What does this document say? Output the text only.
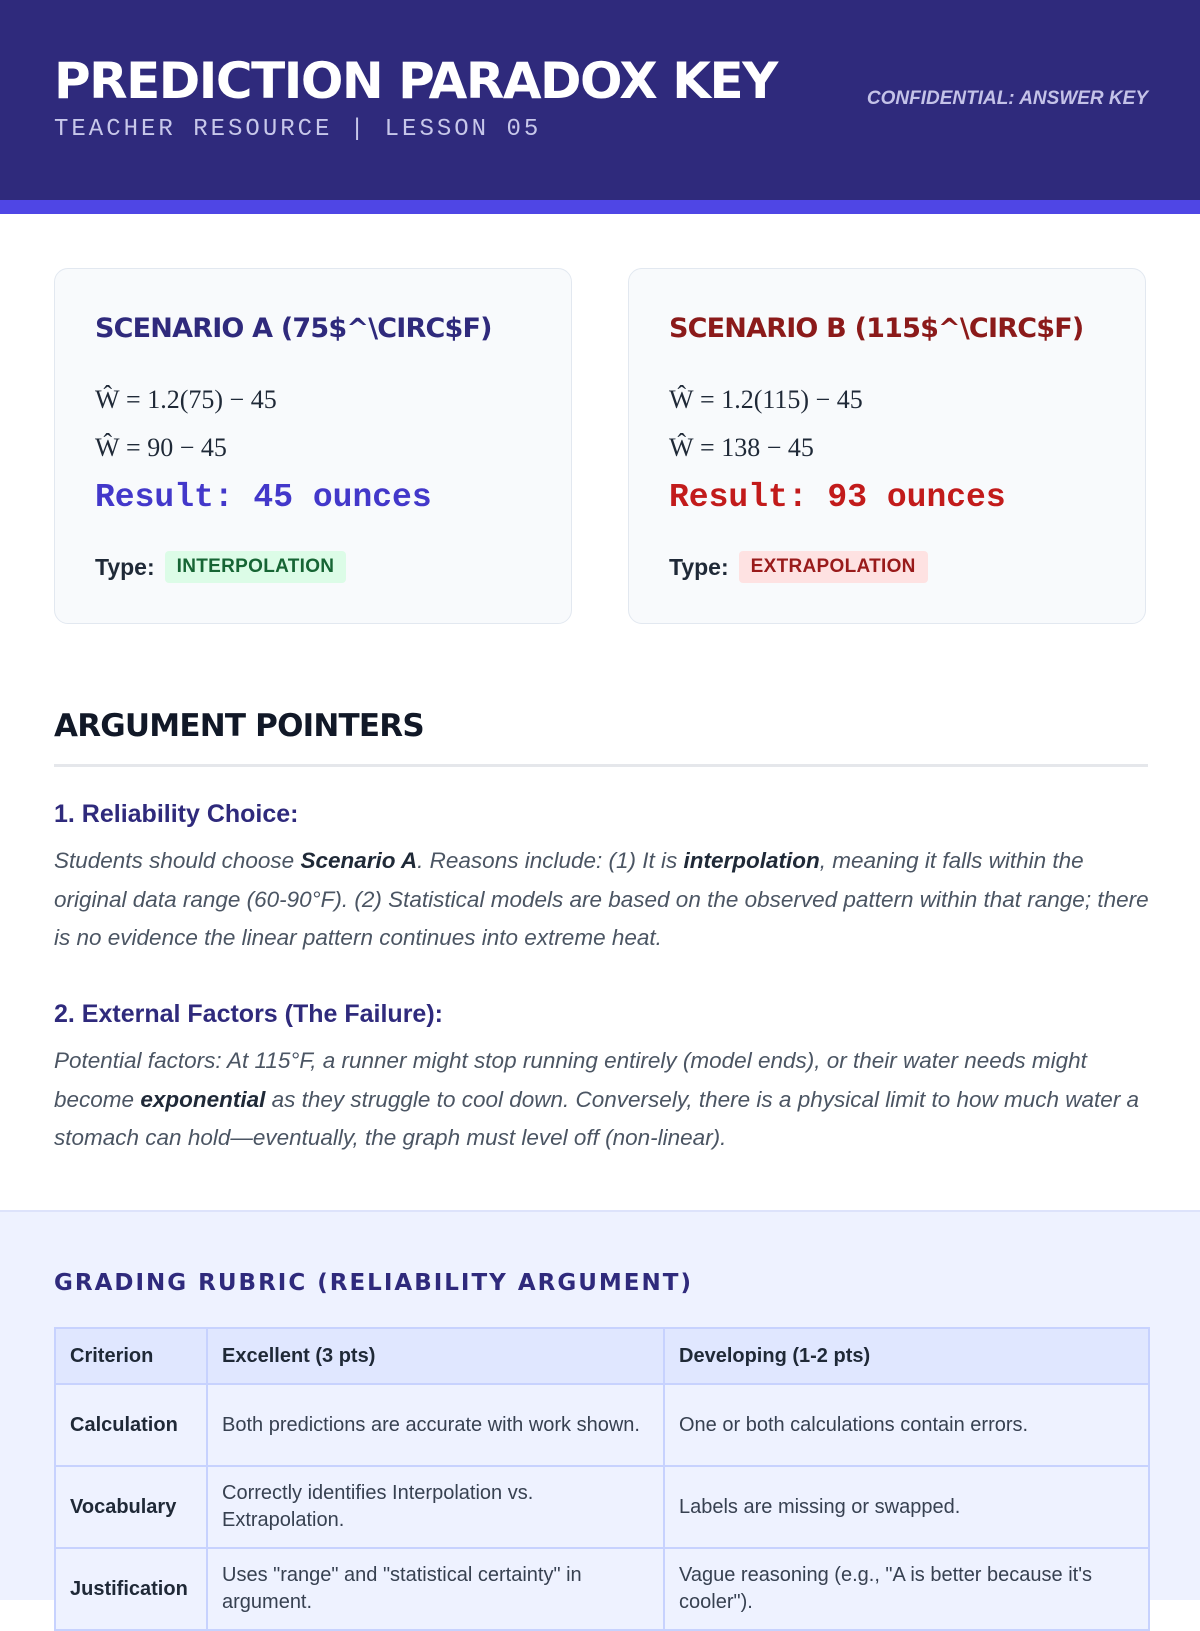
PREDICTION PARADOX KEY
TEACHER RESOURCE | LESSON 05
CONFIDENTIAL: ANSWER KEY
SCENARIO A (75$^\CIRC$F)
Ŵ = 1.2(75) − 45
Ŵ = 90 − 45
Result: 45 ounces
Type:	INTERPOLATION
SCENARIO B (115$^\CIRC$F)
Ŵ = 1.2(115) − 45
Ŵ = 138 − 45
Result: 93 ounces
Type:	EXTRAPOLATION
ARGUMENT POINTERS
1. Reliability Choice:
Students should choose Scenario A. Reasons include: (1) It is interpolation, meaning it falls within the original data range (60-90°F). (2) Statistical models are based on the observed pattern within that range; there is no evidence the linear pattern continues into extreme heat.
2. External Factors (The Failure):
Potential factors: At 115°F, a runner might stop running entirely (model ends), or their water needs might become exponential as they struggle to cool down. Conversely, there is a physical limit to how much water a stomach can hold—eventually, the graph must level off (non-linear).
GRADING RUBRIC (RELIABILITY ARGUMENT)
Criterion	Excellent (3 pts)	Developing (1-2 pts)
Calculation	Both predictions are accurate with work shown.	One or both calculations contain errors.
Vocabulary	Correctly identifies Interpolation vs. Extrapolation.	Labels are missing or swapped.
Justification	Uses "range" and "statistical certainty" in argument.	Vague reasoning (e.g., "A is better because it's cooler").
